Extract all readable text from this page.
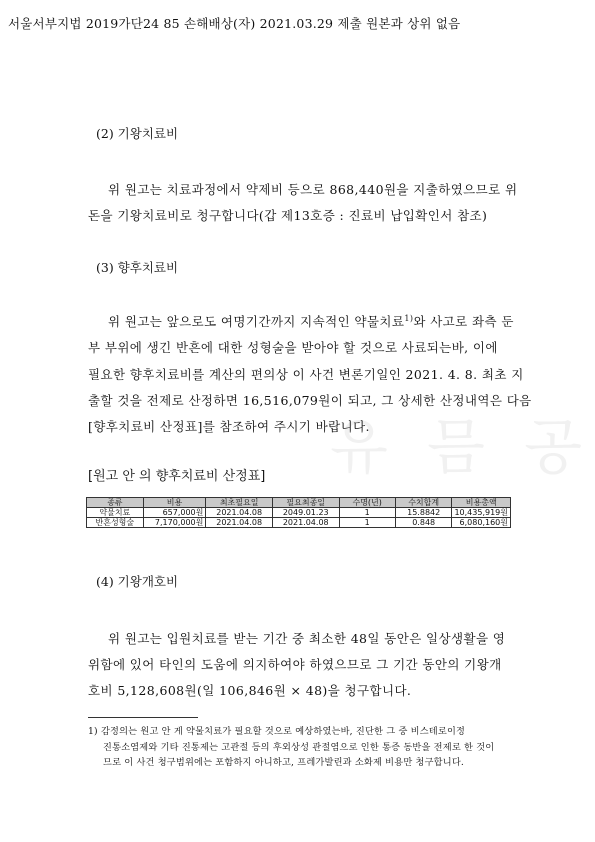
서울서부지법 2019가단24 85 손해배상(자) 2021.03.29 제출 원본과 상위 없음
유 믐 공
(2) 기왕치료비
위 원고는 치료과정에서 약제비 등으로 868,440원을 지출하였으므로 위
돈을 기왕치료비로 청구합니다(갑 제13호증 : 진료비 납입확인서 참조)
(3) 향후치료비
위 원고는 앞으로도 여명기간까지 지속적인 약물치료$^{1)}$와 사고로 좌측 둔
부 부위에 생긴 반흔에 대한 성형술을 받아야 할 것으로 사료되는바, 이에
필요한 향후치료비를 계산의 편의상 이 사건 변론기일인 2021. 4. 8. 최초 지
출할 것을 전제로 산정하면 16,516,079원이 되고, 그 상세한 산정내역은 다음
[향후치료비 산정표]를 참조하여 주시기 바랍니다.
[원고 안 의 향후치료비 산정표]
종류	비용	최초필요일	필요최종일	수명(년)	수치합계	비용총액
약물치료	657,000원	2021.04.08	2049.01.23	1	15.8842	10,435,919원
반흔성형술	7,170,000원	2021.04.08	2021.04.08	1	0.848	6,080,160원
(4) 기왕개호비
위 원고는 입원치료를 받는 기간 중 최소한 48일 동안은 일상생활을 영
위함에 있어 타인의 도움에 의지하여야 하였으므로 그 기간 동안의 기왕개
호비 5,128,608원(일 106,846원 × 48)을 청구합니다.
1) 감정의는 원고 안 게 약물치료가 필요할 것으로 예상하였는바, 진단한 그 중 비스테로이정
진통소염제와 기타 진통제는 고관절 등의 후외상성 관절염으로 인한 통증 동반을 전제로 한 것이
므로 이 사건 청구범위에는 포함하지 아니하고, 프레가발린과 소화제 비용만 청구합니다.
